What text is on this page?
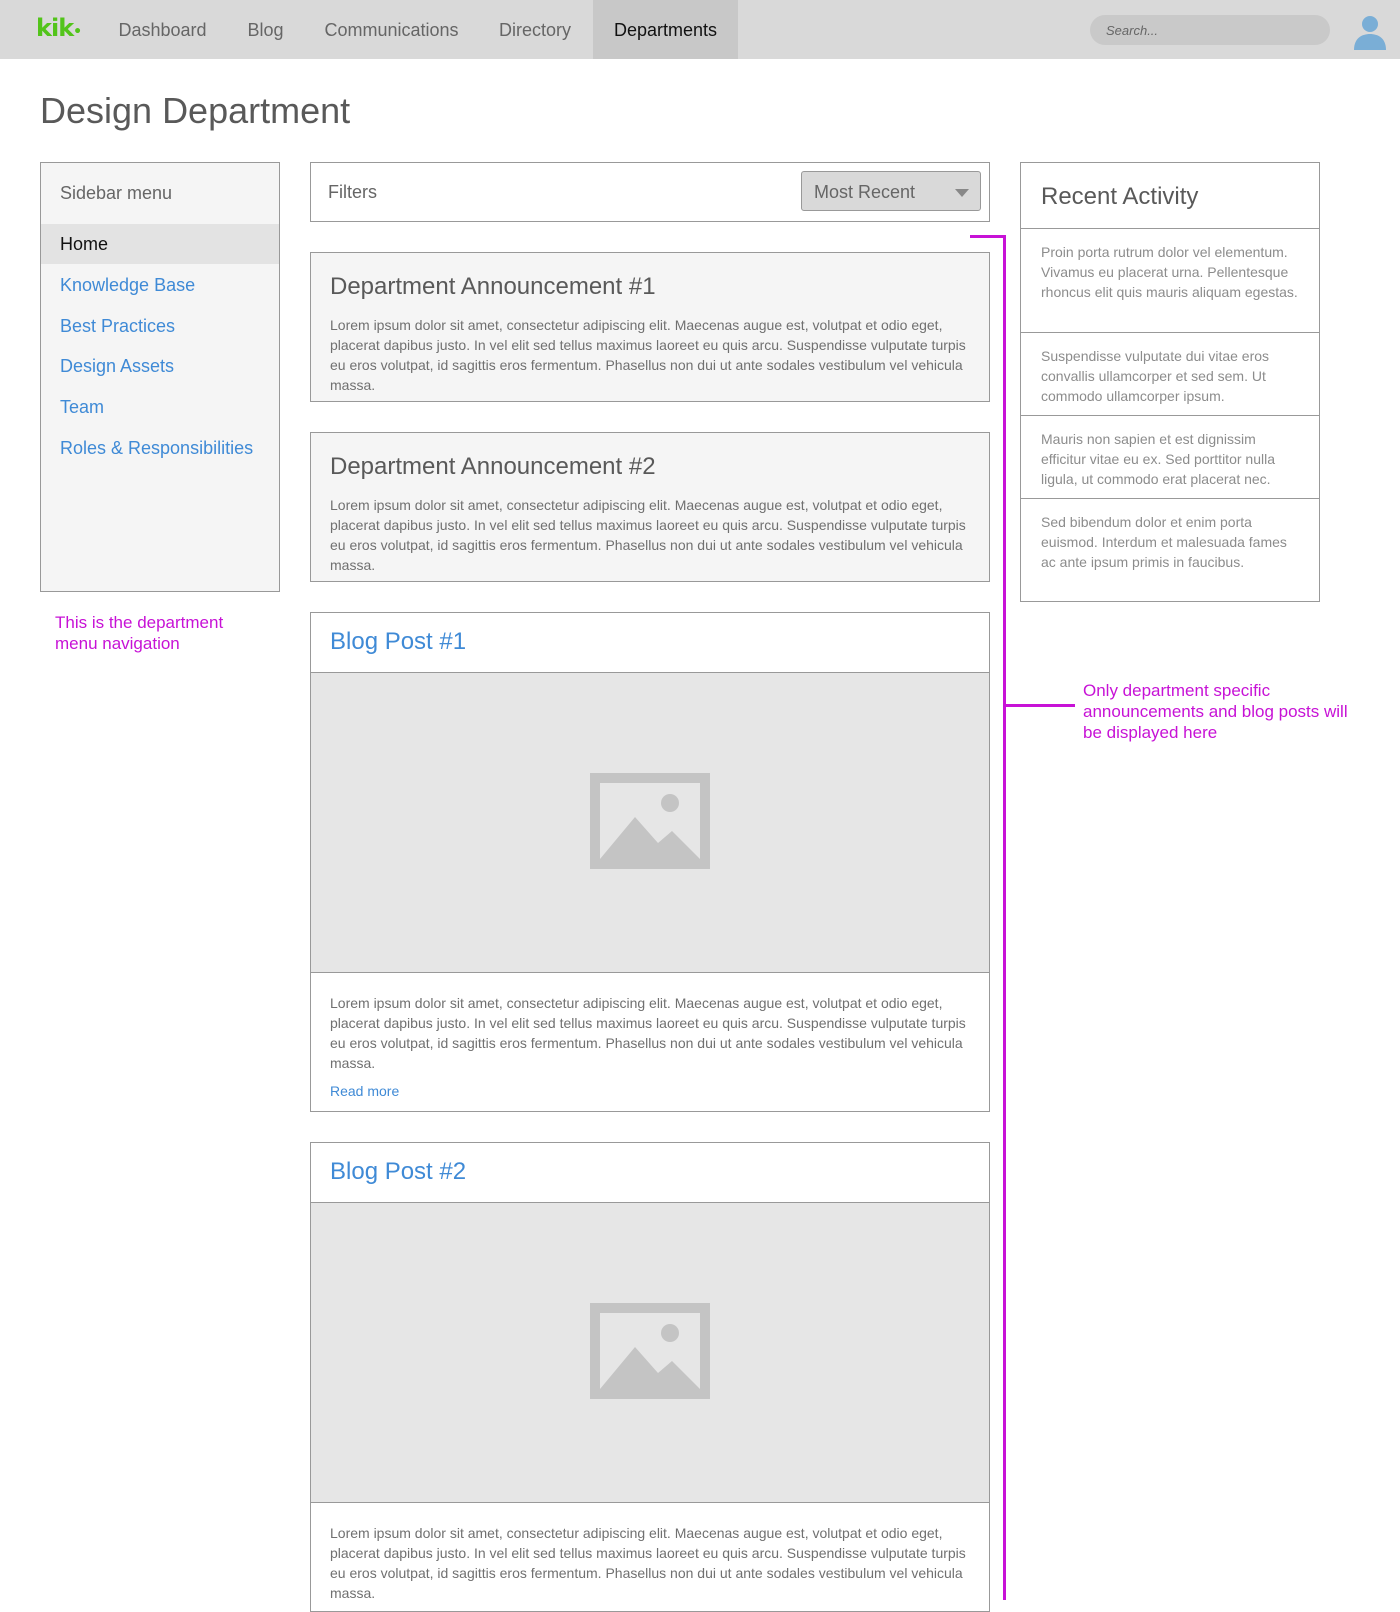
kik•	Dashboard	Blog	Communications	Directory	Departments
Search...
Design Department
Sidebar menu
Home
Knowledge Base
Best Practices
Design Assets
Team
Roles & Responsibilities
This is the department menu navigation
Filters	Most Recent
Department Announcement #1
Lorem ipsum dolor sit amet, consectetur adipiscing elit. Maecenas augue est, volutpat et odio eget, placerat dapibus justo. In vel elit sed tellus maximus laoreet eu quis arcu. Suspendisse vulputate turpis eu eros volutpat, id sagittis eros fermentum. Phasellus non dui ut ante sodales vestibulum vel vehicula massa.
Department Announcement #2
Lorem ipsum dolor sit amet, consectetur adipiscing elit. Maecenas augue est, volutpat et odio eget, placerat dapibus justo. In vel elit sed tellus maximus laoreet eu quis arcu. Suspendisse vulputate turpis eu eros volutpat, id sagittis eros fermentum. Phasellus non dui ut ante sodales vestibulum vel vehicula massa.
Blog Post #1
Lorem ipsum dolor sit amet, consectetur adipiscing elit. Maecenas augue est, volutpat et odio eget, placerat dapibus justo. In vel elit sed tellus maximus laoreet eu quis arcu. Suspendisse vulputate turpis eu eros volutpat, id sagittis eros fermentum. Phasellus non dui ut ante sodales vestibulum vel vehicula massa.
Read more
Blog Post #2
Lorem ipsum dolor sit amet, consectetur adipiscing elit. Maecenas augue est, volutpat et odio eget, placerat dapibus justo. In vel elit sed tellus maximus laoreet eu quis arcu. Suspendisse vulputate turpis eu eros volutpat, id sagittis eros fermentum. Phasellus non dui ut ante sodales vestibulum vel vehicula massa.
Only department specific announcements and blog posts will be displayed here
Recent Activity
Proin porta rutrum dolor vel elementum. Vivamus eu placerat urna. Pellentesque rhoncus elit quis mauris aliquam egestas.
Suspendisse vulputate dui vitae eros convallis ullamcorper et sed sem. Ut commodo ullamcorper ipsum.
Mauris non sapien et est dignissim efficitur vitae eu ex. Sed porttitor nulla ligula, ut commodo erat placerat nec.
Sed bibendum dolor et enim porta euismod. Interdum et malesuada fames ac ante ipsum primis in faucibus.
